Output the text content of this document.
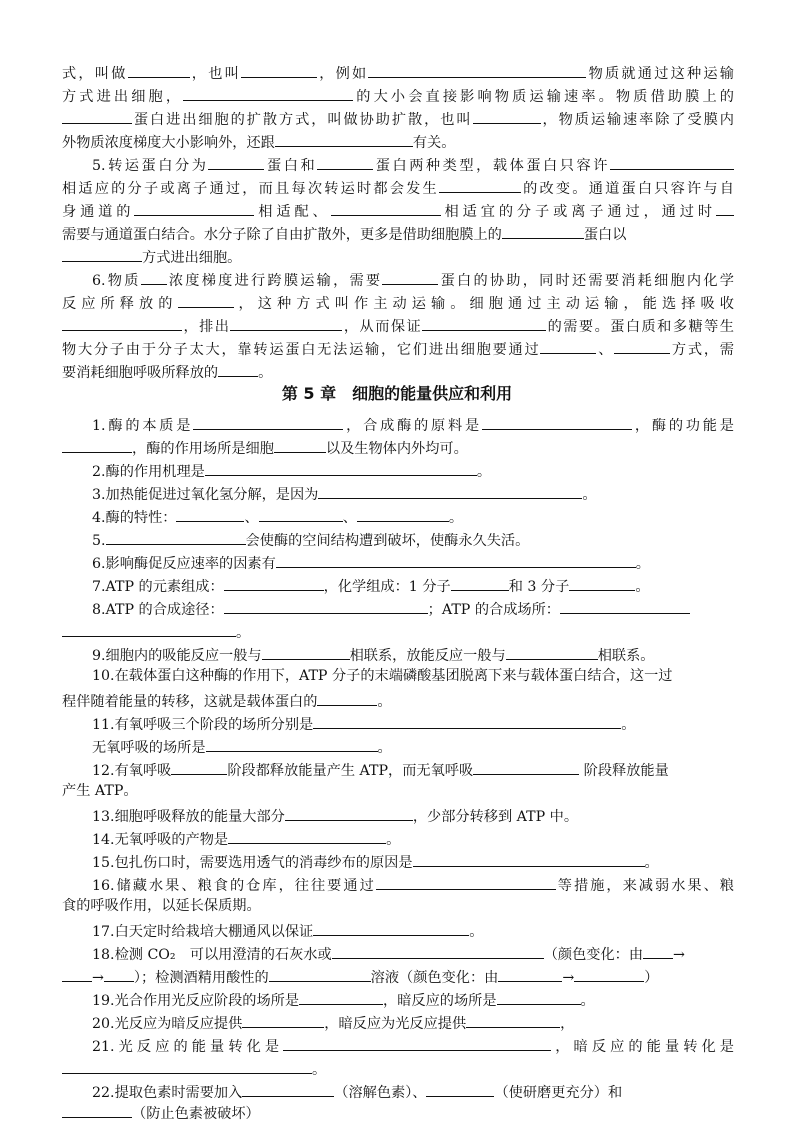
式，叫做	，也叫	，例如	物质就通过这种运输
方式进出细胞，	的大小会直接影响物质运输速率。物质借助膜上的
蛋白进出细胞的扩散方式，叫做协助扩散，也叫	，物质运输速率除了受膜内
外物质浓度梯度大小影响外，还跟	有关。
5.转运蛋白分为	蛋白和	蛋白两种类型，载体蛋白只容许
相适应的分子或离子通过，而且每次转运时都会发生	的改变。通道蛋白只容许与自
身通道的	相适配、	相适宜的分子或离子通过，通过时
需要与通道蛋白结合。水分子除了自由扩散外，更多是借助细胞膜上的	蛋白以
方式进出细胞。
6.物质 浓度梯度进行跨膜运输，需要	蛋白的协助，同时还需要消耗细胞内化学
反应所释放的	，这种方式叫作主动运输。细胞通过主动运输，能选择吸收
，排出	，从而保证	的需要。蛋白质和多糖等生
物大分子由于分子太大，靠转运蛋白无法运输，它们进出细胞要通过	、	方式，需
要消耗细胞呼吸所释放的	。
第 5 章　细胞的能量供应和利用
1.酶的本质是	，合成酶的原料是	，酶的功能是
，酶的作用场所是细胞	以及生物体内外均可。
2.酶的作用机理是	。
3.加热能促进过氧化氢分解，是因为	。
4.酶的特性：	、	、	。
5.	会使酶的空间结构遭到破坏，使酶永久失活。
6.影响酶促反应速率的因素有	。
7.ATP 的元素组成：	，化学组成：1 分子	和 3 分子	。
8.ATP 的合成途径：	；ATP 的合成场所：
。
9.细胞内的吸能反应一般与	相联系，放能反应一般与	相联系。
10.在载体蛋白这种酶的作用下，ATP 分子的末端磷酸基团脱离下来与载体蛋白结合，这一过
程伴随着能量的转移，这就是载体蛋白的	。
11.有氧呼吸三个阶段的场所分别是	。
无氧呼吸的场所是	。
12.有氧呼吸	阶段都释放能量产生 ATP，而无氧呼吸	阶段释放能量
产生 ATP。
13.细胞呼吸释放的能量大部分	，少部分转移到 ATP 中。
14.无氧呼吸的产物是	。
15.包扎伤口时，需要选用透气的消毒纱布的原因是	。
16.储藏水果、粮食的仓库，往往要通过	等措施，来减弱水果、粮
食的呼吸作用，以延长保质期。
17.白天定时给栽培大棚通风以保证	。
18.检测 CO₂　可以用澄清的石灰水或	（颜色变化：由 →
→ ）；检测酒精用酸性的	溶液（颜色变化：由	→	）
19.光合作用光反应阶段的场所是	，暗反应的场所是	。
20.光反应为暗反应提供	，暗反应为光反应提供	，
21.光反应的能量转化是	，暗反应的能量转化是
。
22.提取色素时需要加入	（溶解色素）、	（使研磨更充分）和
（防止色素被破坏）
